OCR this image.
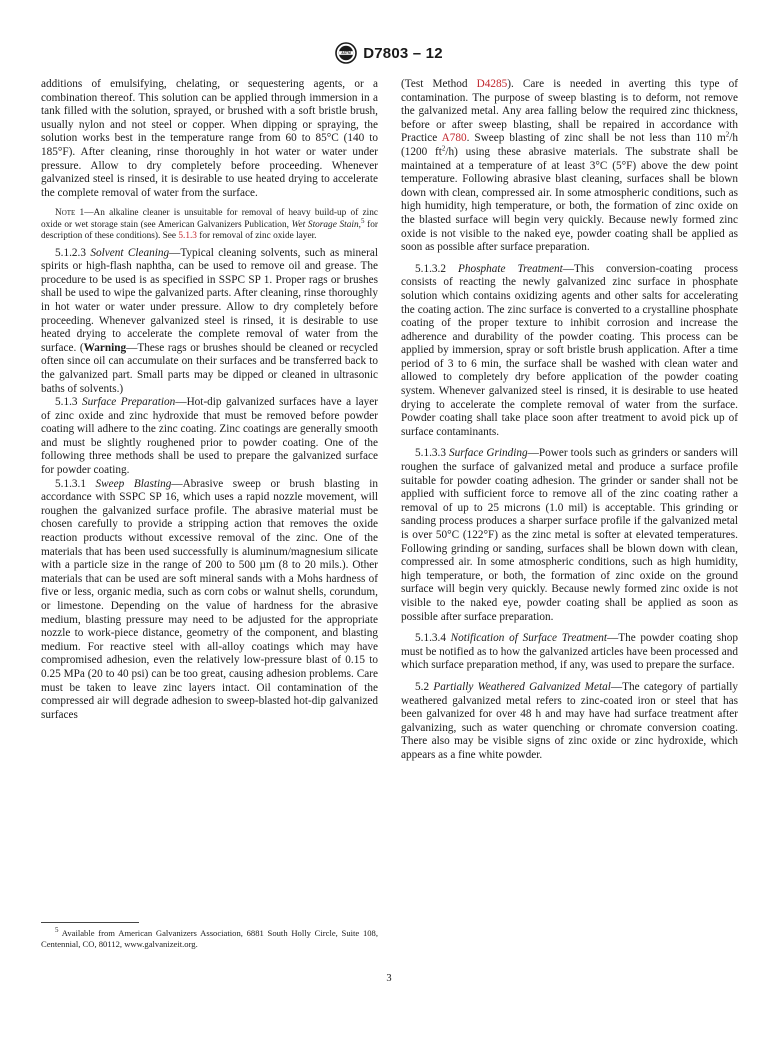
ASTM D7803 – 12

additions of emulsifying, chelating, or sequestering agents, or a combination thereof. This solution can be applied through immersion in a tank filled with the solution, sprayed, or brushed with a soft bristle brush, usually nylon and not steel or copper. When dipping or spraying, the solution works best in the temperature range from 60 to 85°C (140 to 185°F). After cleaning, rinse thoroughly in hot water or water under pressure. Allow to dry completely before proceeding. Whenever galvanized steel is rinsed, it is desirable to use heated drying to accelerate the complete removal of water from the surface.

Note 1—An alkaline cleaner is unsuitable for removal of heavy build-up of zinc oxide or wet storage stain (see American Galvanizers Publication, Wet Storage Stain,$^5$ for description of these conditions). See 5.1.3 for removal of zinc oxide layer.

5.1.2.3 Solvent Cleaning—Typical cleaning solvents, such as mineral spirits or high-flash naphtha, can be used to remove oil and grease. The procedure to be used is as specified in SSPC SP 1. Proper rags or brushes shall be used to wipe the galvanized parts. After cleaning, rinse thoroughly in hot water or water under pressure. Allow to dry completely before proceeding. Whenever galvanized steel is rinsed, it is desirable to use heated drying to accelerate the complete removal of water from the surface. (Warning—These rags or brushes should be cleaned or recycled often since oil can accumulate on their surfaces and be transferred back to the galvanized part. Small parts may be dipped or cleaned in ultrasonic baths of solvents.)

5.1.3 Surface Preparation—Hot-dip galvanized surfaces have a layer of zinc oxide and zinc hydroxide that must be removed before powder coating will adhere to the zinc coating. Zinc coatings are generally smooth and must be slightly roughened prior to powder coating. One of the following three methods shall be used to prepare the galvanized surface for powder coating.

5.1.3.1 Sweep Blasting—Abrasive sweep or brush blasting in accordance with SSPC SP 16, which uses a rapid nozzle movement, will roughen the galvanized surface profile. The abrasive material must be chosen carefully to provide a stripping action that removes the oxide reaction products without excessive removal of the zinc. One of the materials that has been used successfully is aluminum/magnesium silicate with a particle size in the range of 200 to 500 µm (8 to 20 mils.). Other materials that can be used are soft mineral sands with a Mohs hardness of five or less, organic media, such as corn cobs or walnut shells, corundum, or limestone. Depending on the value of hardness for the abrasive medium, blasting pressure may need to be adjusted for the appropriate nozzle to work-piece distance, geometry of the component, and blasting medium. For reactive steel with all-alloy coatings which may have compromised adhesion, even the relatively low-pressure blast of 0.15 to 0.25 MPa (20 to 40 psi) can be too great, causing adhesion problems. Care must be taken to leave zinc layers intact. Oil contamination of the compressed air will degrade adhesion to sweep-blasted hot-dip galvanized surfaces

(Test Method D4285). Care is needed in averting this type of contamination. The purpose of sweep blasting is to deform, not remove the galvanized metal. Any area falling below the required zinc thickness, before or after sweep blasting, shall be repaired in accordance with Practice A780. Sweep blasting of zinc shall be not less than 110 $m^2/h$ (1200 $ft^2/h$) using these abrasive materials. The substrate shall be maintained at a temperature of at least 3°C (5°F) above the dew point temperature. Following abrasive blast cleaning, surfaces shall be blown down with clean, compressed air. In some atmospheric conditions, such as high humidity, high temperature, or both, the formation of zinc oxide on the blasted surface will begin very quickly. Because newly formed zinc oxide is not visible to the naked eye, powder coating shall be applied as soon as possible after surface preparation.

5.1.3.2 Phosphate Treatment—This conversion-coating process consists of reacting the newly galvanized zinc surface in phosphate solution which contains oxidizing agents and other salts for accelerating the coating action. The zinc surface is converted to a crystalline phosphate coating of the proper texture to inhibit corrosion and increase the adherence and durability of the powder coating. This process can be applied by immersion, spray or soft bristle brush application. After a time period of 3 to 6 min, the surface shall be washed with clean water and allowed to completely dry before application of the powder coating system. Whenever galvanized steel is rinsed, it is desirable to use heated drying to accelerate the complete removal of water from the surface. Powder coating shall take place soon after treatment to avoid pick up of surface contaminants.

5.1.3.3 Surface Grinding—Power tools such as grinders or sanders will roughen the surface of galvanized metal and produce a surface profile suitable for powder coating adhesion. The grinder or sander shall not be applied with sufficient force to remove all of the zinc coating rather a removal of up to 25 microns (1.0 mil) is acceptable. This grinding or sanding process produces a sharper surface profile if the galvanized metal is over 50°C (122°F) as the zinc metal is softer at elevated temperatures. Following grinding or sanding, surfaces shall be blown down with clean, compressed air. In some atmospheric conditions, such as high humidity, high temperature, or both, the formation of zinc oxide on the ground surface will begin very quickly. Because newly formed zinc oxide is not visible to the naked eye, powder coating shall be applied as soon as possible after surface preparation.

5.1.3.4 Notification of Surface Treatment—The powder coating shop must be notified as to how the galvanized articles have been processed and which surface preparation method, if any, was used to prepare the surface.

5.2 Partially Weathered Galvanized Metal—The category of partially weathered galvanized metal refers to zinc-coated iron or steel that has been galvanized for over 48 h and may have had surface treatment after galvanizing, such as water quenching or chromate conversion coating. There also may be visible signs of zinc oxide or zinc hydroxide, which appears as a fine white powder.

$^5$ Available from American Galvanizers Association, 6881 South Holly Circle, Suite 108, Centennial, CO, 80112, www.galvanizeit.org.
3
